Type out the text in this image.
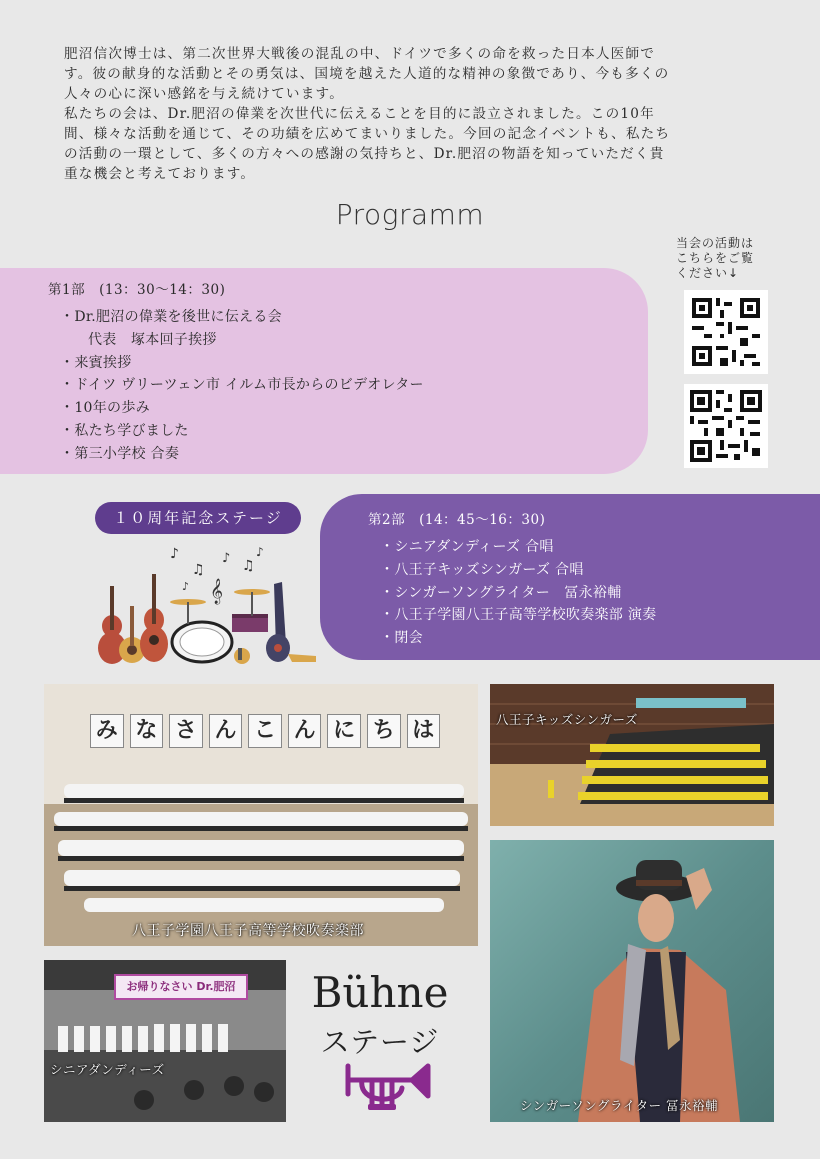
肥沼信次博士は、第二次世界大戦後の混乱の中、ドイツで多くの命を救った日本人医師で

す。彼の献身的な活動とその勇気は、国境を越えた人道的な精神の象徴であり、今も多くの

人々の心に深い感銘を与え続けています。

私たちの会は、Dr.肥沼の偉業を次世代に伝えることを目的に設立されました。この10年

間、様々な活動を通じて、その功績を広めてまいりました。今回の記念イベントも、私たち

の活動の一環として、多くの方々への感謝の気持ちと、Dr.肥沼の物語を知っていただく貴

重な機会と考えております。

Programm
当会の活動は
こちらをご覧
ください↓
第1部　(13：30〜14：30)
・ Dr.肥沼の偉業を後世に伝える会
代表　塚本回子挨拶
・ 来賓挨拶
・ ドイツ ヴリーツェン市 イルム市長からのビデオレター
・ 10年の歩み
・ 私たち学びました
・ 第三小学校 合奏
１０周年記念ステージ
♪
♫
𝄞
♪ ♫
♪
♪
第2部　(14：45〜16：30)
・ シニアダンディーズ 合唱
・ 八王子キッズシンガーズ 合唱
・ シンガーソングライター　冨永裕輔
・ 八王子学園八王子高等学校吹奏楽部 演奏
・ 閉会
み な さ ん こ ん に ち は
八王子学園八王子高等学校吹奏楽部
八王子キッズシンガーズ
シンガーソングライター 冨永裕輔
お帰りなさい Dr.肥沼
シニアダンディーズ
Bühne
ステージ
